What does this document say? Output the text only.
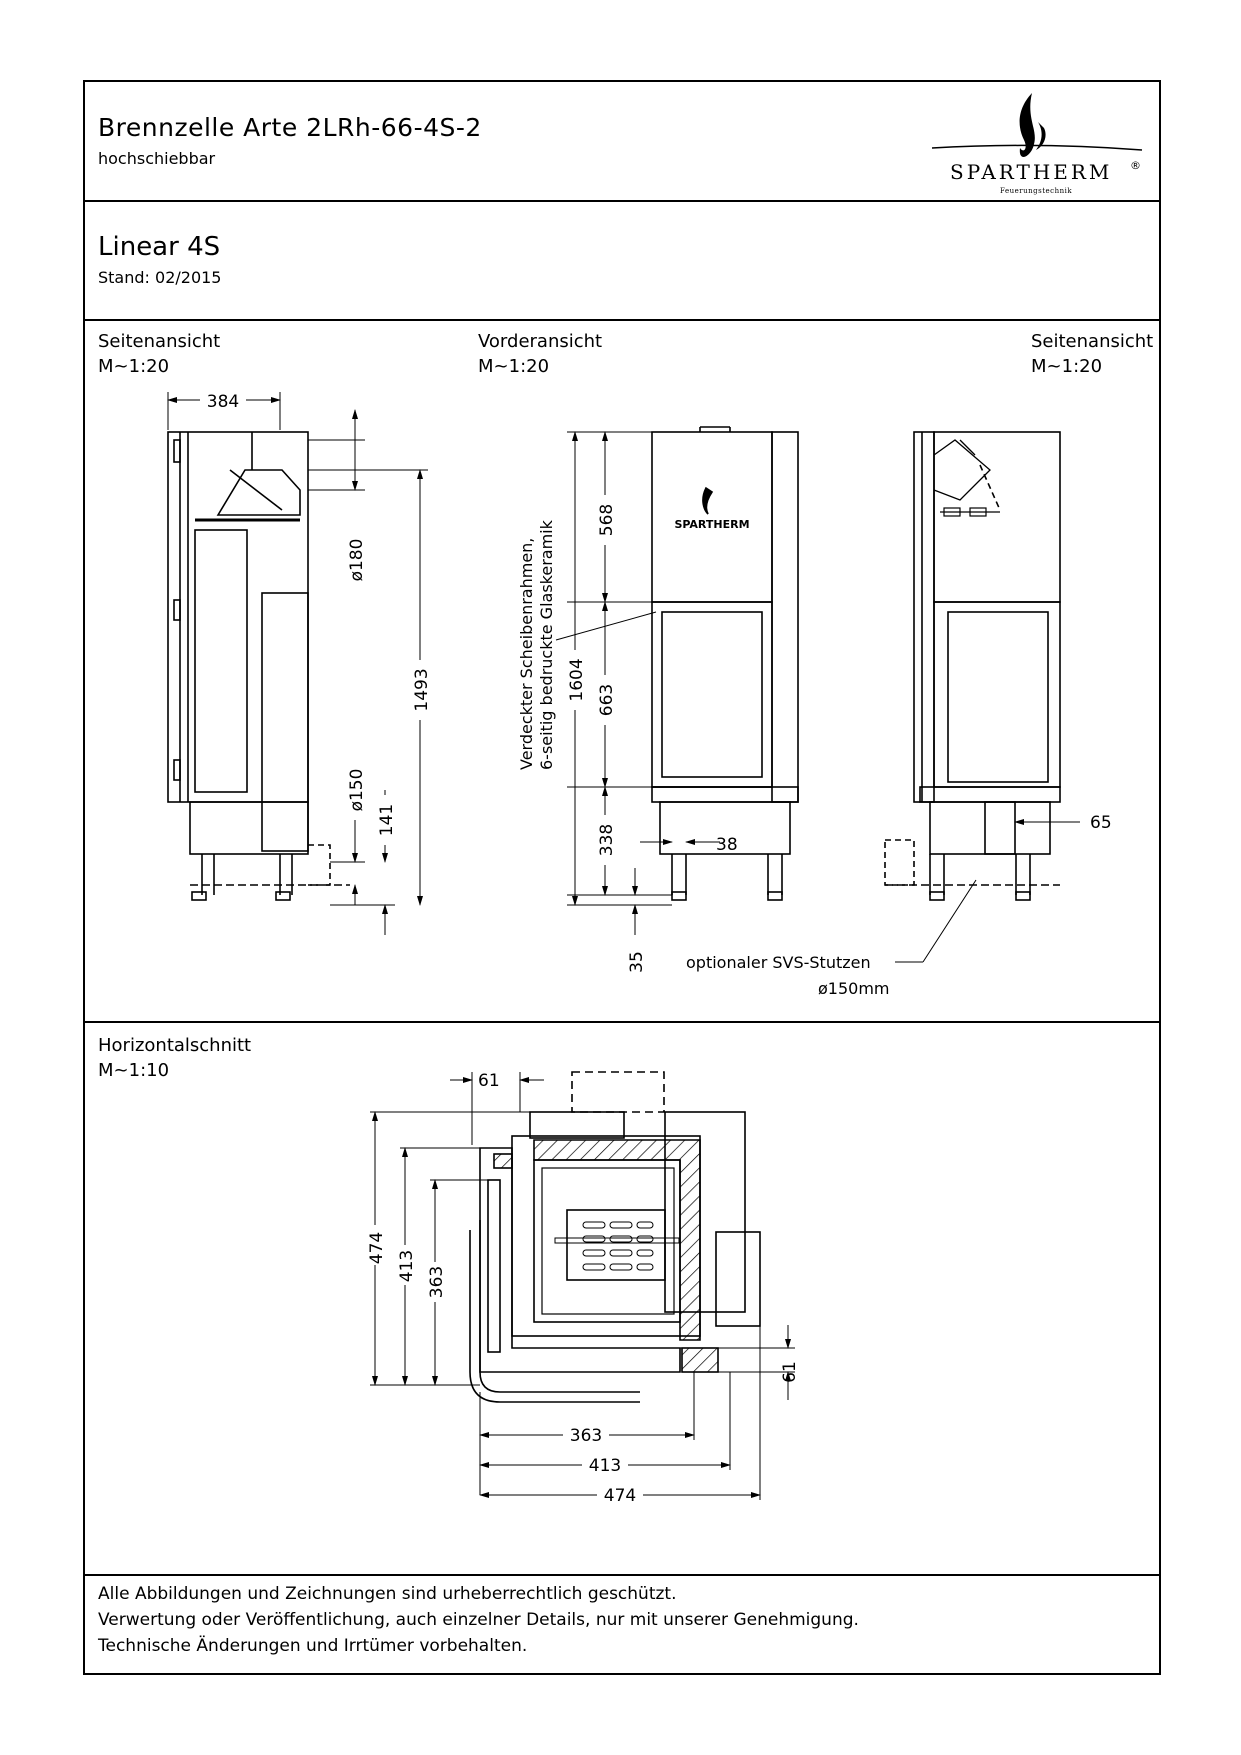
Brennzelle Arte 2LRh-66-4S-2
hochschiebbar
SPARTHERM ®
Feuerungstechnik
Linear 4S
Stand: 02/2015
Seitenansicht
M~1:20
Vorderansicht
M~1:20
Seitenansicht
M~1:20
Horizontalschnitt
M~1:10
384
ø180
ø150
141
1493
568
663
338
1604
38
35
65
Verdeckter Scheibenrahmen, 6-seitig bedruckte Glaskeramik
optionaler SVS-Stutzen
ø150mm
SPARTHERM
61
474
413 363
61
363
413
474
Alle Abbildungen und Zeichnungen sind urheberrechtlich geschützt.
Verwertung oder Veröffentlichung, auch einzelner Details, nur mit unserer Genehmigung.
Technische Änderungen und Irrtümer vorbehalten.
